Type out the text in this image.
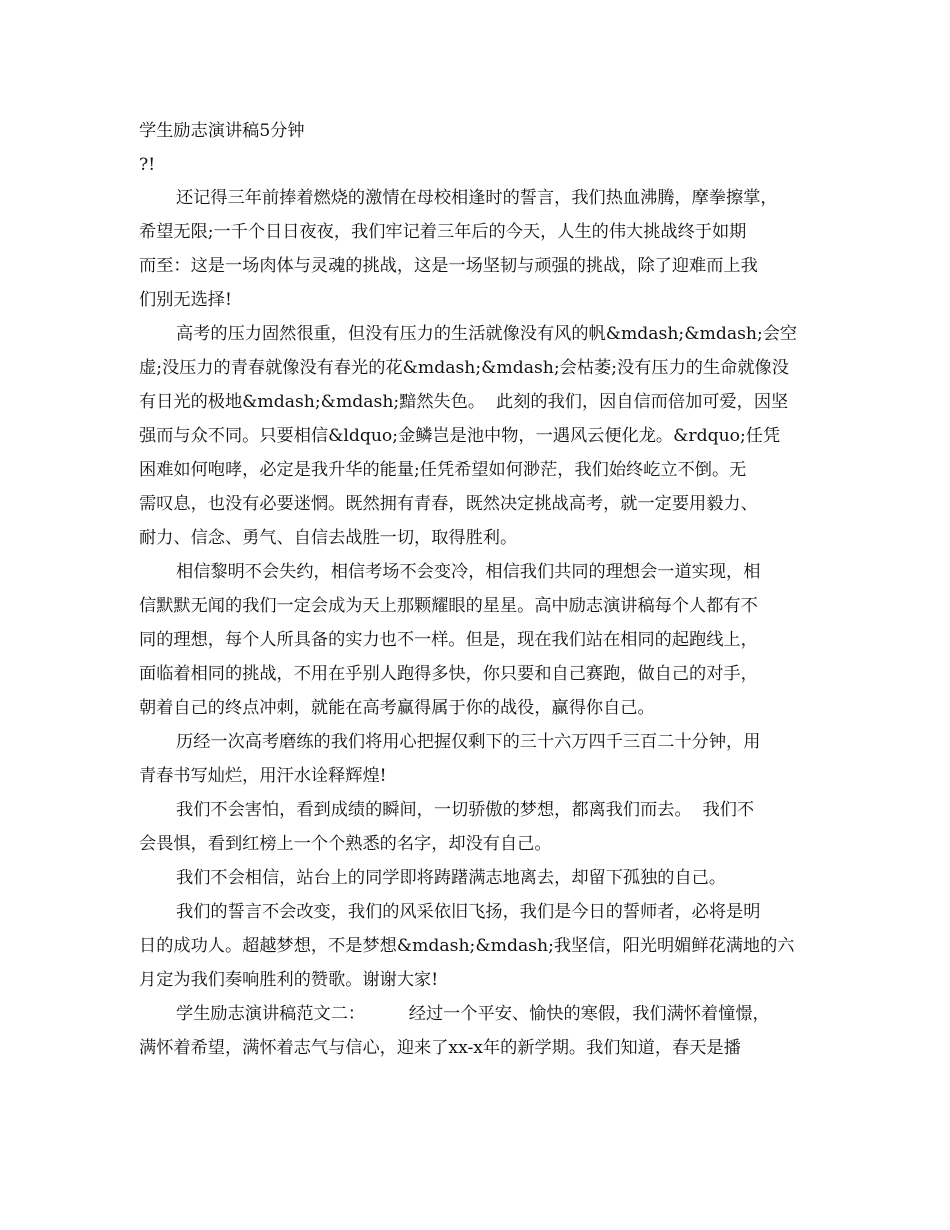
学生励志演讲稿5分钟
?!
还记得三年前捧着燃烧的激情在母校相逢时的誓言，我们热血沸腾，摩拳擦掌，
希望无限;一千个日日夜夜，我们牢记着三年后的今天，人生的伟大挑战终于如期
而至：这是一场肉体与灵魂的挑战，这是一场坚韧与顽强的挑战，除了迎难而上我
们别无选择!
高考的压力固然很重，但没有压力的生活就像没有风的帆&mdash;&mdash;会空
虚;没压力的青春就像没有春光的花&mdash;&mdash;会枯萎;没有压力的生命就像没
有日光的极地&mdash;&mdash;黯然失色。  此刻的我们，因自信而倍加可爱，因坚
强而与众不同。只要相信&ldquo;金鳞岂是池中物，一遇风云便化龙。&rdquo;任凭
困难如何咆哮，必定是我升华的能量;任凭希望如何渺茫，我们始终屹立不倒。无
需叹息，也没有必要迷惘。既然拥有青春，既然决定挑战高考，就一定要用毅力、
耐力、信念、勇气、自信去战胜一切，取得胜利。
相信黎明不会失约，相信考场不会变冷，相信我们共同的理想会一道实现，相
信默默无闻的我们一定会成为天上那颗耀眼的星星。高中励志演讲稿每个人都有不
同的理想，每个人所具备的实力也不一样。但是，现在我们站在相同的起跑线上，
面临着相同的挑战，不用在乎别人跑得多快，你只要和自己赛跑，做自己的对手，
朝着自己的终点冲刺，就能在高考赢得属于你的战役，赢得你自己。
历经一次高考磨练的我们将用心把握仅剩下的三十六万四千三百二十分钟，用
青春书写灿烂，用汗水诠释辉煌!
我们不会害怕，看到成绩的瞬间，一切骄傲的梦想，都离我们而去。  我们不
会畏惧，看到红榜上一个个熟悉的名字，却没有自己。
我们不会相信，站台上的同学即将踌躇满志地离去，却留下孤独的自己。
我们的誓言不会改变，我们的风采依旧飞扬，我们是今日的誓师者，必将是明
日的成功人。超越梦想，不是梦想&mdash;&mdash;我坚信，阳光明媚鲜花满地的六
月定为我们奏响胜利的赞歌。谢谢大家!
学生励志演讲稿范文二：        经过一个平安、愉快的寒假，我们满怀着憧憬，
满怀着希望，满怀着志气与信心，迎来了xx-x年的新学期。我们知道，春天是播
